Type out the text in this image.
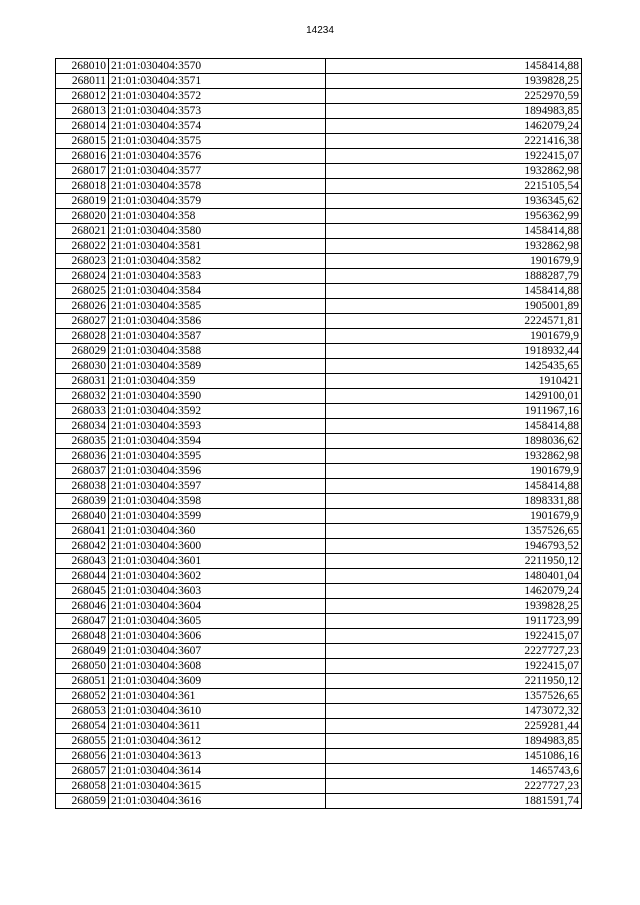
14234
268010	21:01:030404:3570	1458414,88
268011	21:01:030404:3571	1939828,25
268012	21:01:030404:3572	2252970,59
268013	21:01:030404:3573	1894983,85
268014	21:01:030404:3574	1462079,24
268015	21:01:030404:3575	2221416,38
268016	21:01:030404:3576	1922415,07
268017	21:01:030404:3577	1932862,98
268018	21:01:030404:3578	2215105,54
268019	21:01:030404:3579	1936345,62
268020	21:01:030404:358	1956362,99
268021	21:01:030404:3580	1458414,88
268022	21:01:030404:3581	1932862,98
268023	21:01:030404:3582	1901679,9
268024	21:01:030404:3583	1888287,79
268025	21:01:030404:3584	1458414,88
268026	21:01:030404:3585	1905001,89
268027	21:01:030404:3586	2224571,81
268028	21:01:030404:3587	1901679,9
268029	21:01:030404:3588	1918932,44
268030	21:01:030404:3589	1425435,65
268031	21:01:030404:359	1910421
268032	21:01:030404:3590	1429100,01
268033	21:01:030404:3592	1911967,16
268034	21:01:030404:3593	1458414,88
268035	21:01:030404:3594	1898036,62
268036	21:01:030404:3595	1932862,98
268037	21:01:030404:3596	1901679,9
268038	21:01:030404:3597	1458414,88
268039	21:01:030404:3598	1898331,88
268040	21:01:030404:3599	1901679,9
268041	21:01:030404:360	1357526,65
268042	21:01:030404:3600	1946793,52
268043	21:01:030404:3601	2211950,12
268044	21:01:030404:3602	1480401,04
268045	21:01:030404:3603	1462079,24
268046	21:01:030404:3604	1939828,25
268047	21:01:030404:3605	1911723,99
268048	21:01:030404:3606	1922415,07
268049	21:01:030404:3607	2227727,23
268050	21:01:030404:3608	1922415,07
268051	21:01:030404:3609	2211950,12
268052	21:01:030404:361	1357526,65
268053	21:01:030404:3610	1473072,32
268054	21:01:030404:3611	2259281,44
268055	21:01:030404:3612	1894983,85
268056	21:01:030404:3613	1451086,16
268057	21:01:030404:3614	1465743,6
268058	21:01:030404:3615	2227727,23
268059	21:01:030404:3616	1881591,74
